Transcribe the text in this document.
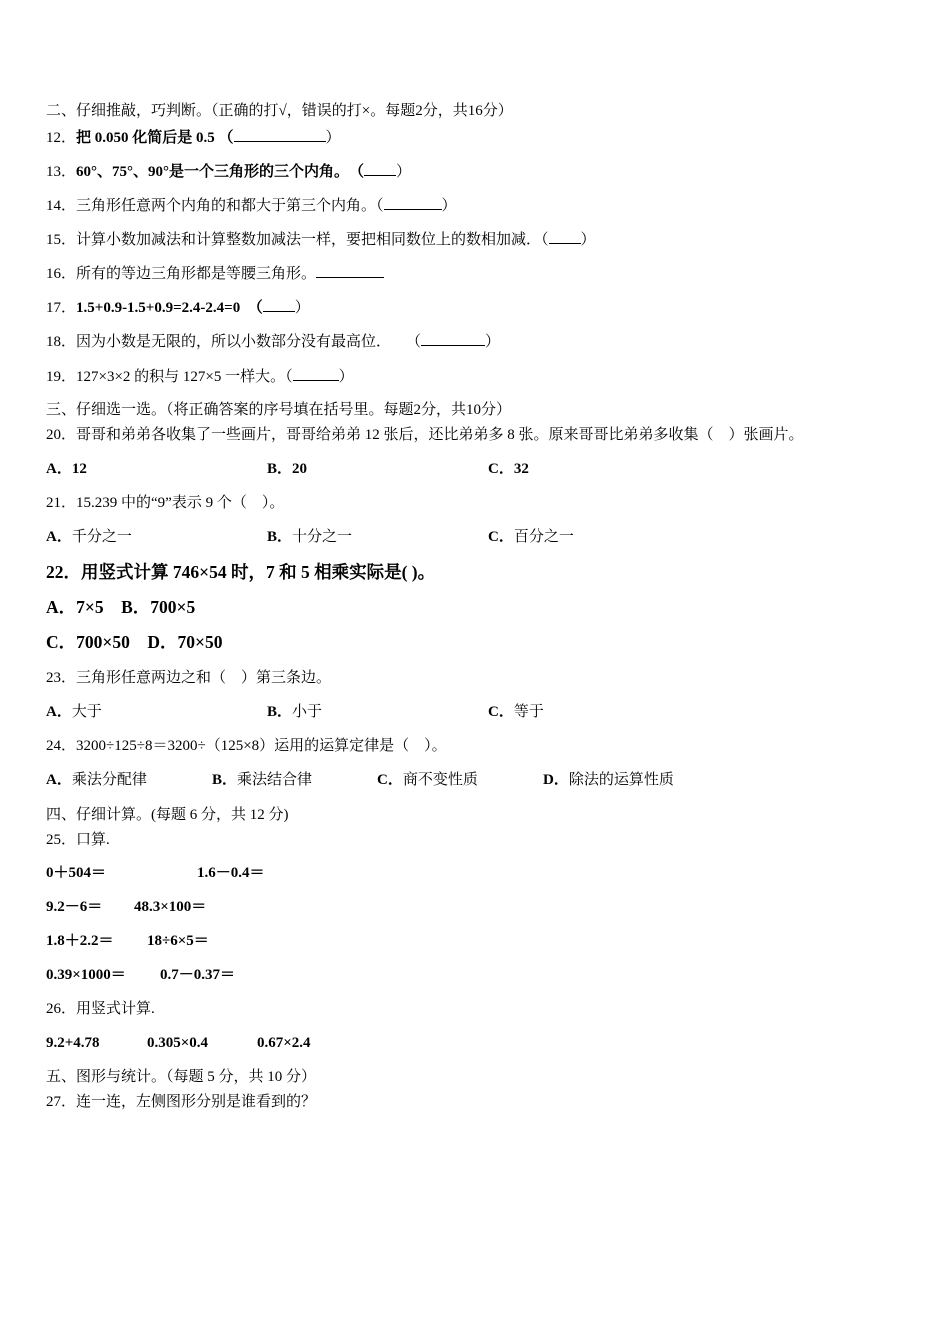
二、仔细推敲，巧判断。（正确的打√，错误的打×。每题2分，共16分）
12．把 0.050 化简后是 0.5 （	）
13．60°、75°、90°是一个三角形的三个内角。　（ ）
14．三角形任意两个内角的和都大于第三个内角。（	）
15．计算小数加减法和计算整数加减法一样，要把相同数位上的数相加减．（ ）
16．所有的等边三角形都是等腰三角形。
17．1.5+0.9-1.5+0.9=2.4-2.4=0　（ ）
18．因为小数是无限的，所以小数部分没有最高位．　　（	）
19．127×3×2 的积与 127×5 一样大。（	）
三、仔细选一选。（将正确答案的序号填在括号里。每题2分，共10分）
20．哥哥和弟弟各收集了一些画片，哥哥给弟弟 12 张后，还比弟弟多 8 张。原来哥哥比弟弟多收集（　）张画片。
A．12	B．20	C．32
21．15.239 中的“9”表示 9 个（　）。
A．千分之一	B．十分之一	C．百分之一
22．用竖式计算 746×54 时，7 和 5 相乘实际是( )。
A．7×5　B．700×5
C．700×50　D．70×50
23．三角形任意两边之和（　）第三条边。
A．大于	B．小于	C．等于
24．3200÷125÷8＝3200÷（125×8）运用的运算定律是（　）。
A．乘法分配律	B．乘法结合律	C．商不变性质	D．除法的运算性质
四、仔细计算。(每题 6 分，共 12 分)
25．口算.
0＋504＝	1.6－0.4＝
9.2－6＝ 48.3×100＝
1.8＋2.2＝ 18÷6×5＝
0.39×1000＝ 0.7－0.37＝
26．用竖式计算.
9.2+4.78	0.305×0.4	0.67×2.4
五、图形与统计。（每题 5 分，共 10 分）
27．连一连，左侧图形分别是谁看到的？
